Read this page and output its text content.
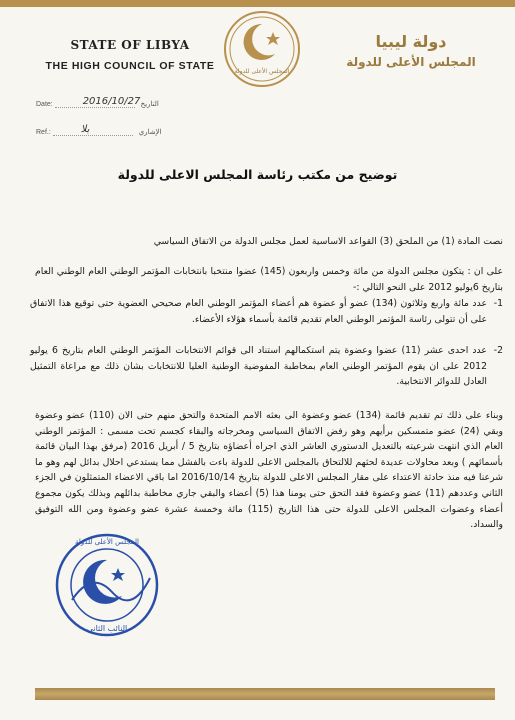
STATE OF LIBYA
THE HIGH COUNCIL OF STATE	المجلس الأعلى للدولة
دولة ليبيا
المجلس الأعلى للدولة
Date:	2016/10/27 التاريخ
Ref.:	بلا	الإشاري
توضيح من مكتب رئاسة المجلس الاعلى للدولة
نصت المادة (1) من الملحق (3) القواعد الاساسية لعمل مجلس الدولة من الاتفاق السياسي
على ان : يتكون مجلس الدولة من مائة وخمس واربعون (145) عضوا منتخبا بانتخابات المؤتمر الوطني العام الوطني العام بتاريخ 6يوليو 2012 على النحو التالي :-
1-
عدد مائة واربع وثلاثون (134) عضو أو عضوة هم أعضاء المؤتمر الوطني العام صحيحي العضوية حتى توقيع هذا الاتفاق على أن تتولى رئاسة المؤتمر الوطني العام تقديم قائمة بأسماء هؤلاء الأعضاء.
2-
عدد احدى عشر (11) عضوا وعضوة يتم استكمالهم استناد الى قوائم الانتخابات المؤتمر الوطني العام بتاريخ 6 يوليو 2012 على ان يقوم المؤتمر الوطني العام بمخاطبة المفوضية الوطنية العليا للانتخابات بشان ذلك مع مراعاة التمثيل العادل للدوائر الانتخابية.
وبناء على ذلك تم تقديم قائمة (134) عضو وعضوة الى بعثه الامم المتحدة والتحق منهم حتى الان (110) عضو وعضوة وبقي (24) عضو متمسكين برأيهم وهو رفض الاتفاق السياسي ومخرجاته والبقاء كجسم تحت مسمى : المؤتمر الوطني العام الذي انتهت شرعيته بالتعديل الدستوري العاشر الذي اجراه أعضاؤه بتاريخ 5 / أبريل 2016 (مرفق بهذا البيان قائمة بأسمائهم ) وبعد محاولات عديدة لحثهم للالتحاق بالمجلس الاعلى للدولة باءت بالفشل مما يستدعي احلال بدائل لهم وهو ما شرعنا فيه منذ حادثة الاعتداء على مقار المجلس الاعلى للدولة بتاريخ 2016/10/14 اما باقي الاعضاء المتمثلون في الجزء الثاني وعددهم (11) عضو وعضوة فقد التحق حتى يومنا هذا (5) أعضاء والبقي جاري مخاطبة بدائلهم وبذلك يكون مجموع أعضاء وعضوات المجلس الاعلى للدولة حتى هذا التاريخ (115) مائة وخمسة عشرة عضو وعضوة ومن الله التوفيق والسداد.
المجلس الأعلى للدولة
النائب الثاني
